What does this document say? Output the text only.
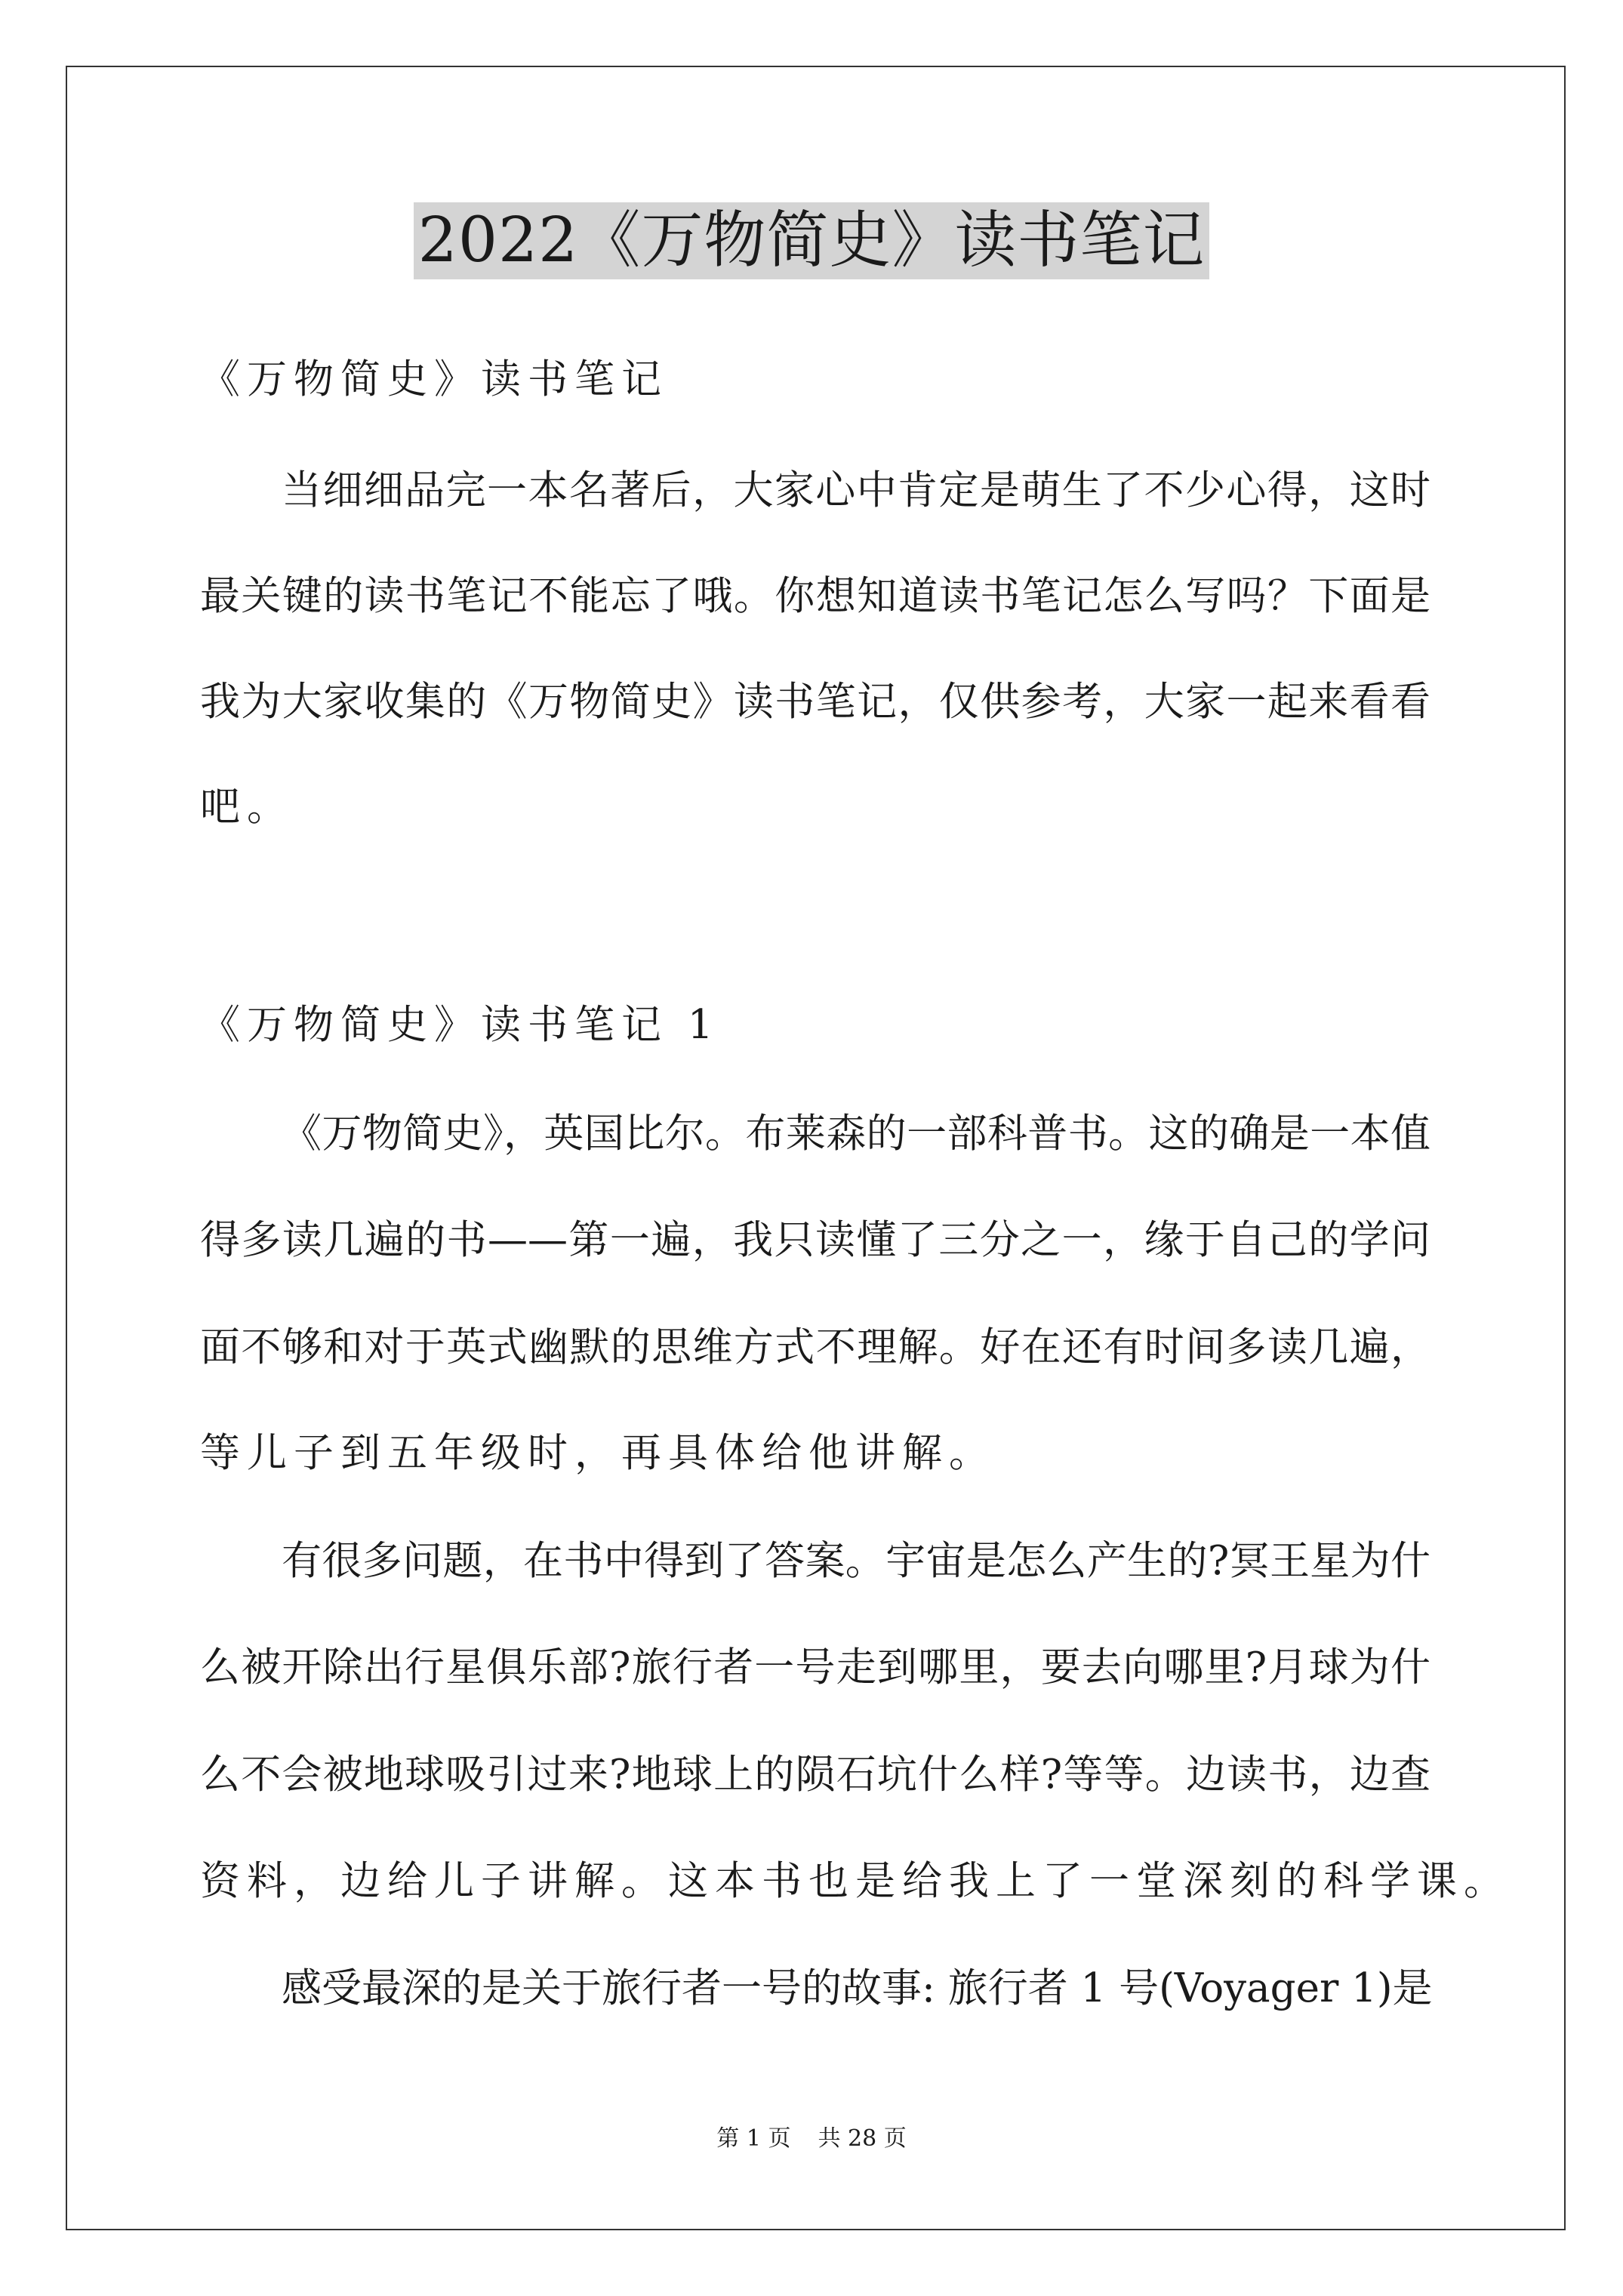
2022《万物简史》读书笔记
《万物简史》读书笔记
当细细品完一本名著后，大家心中肯定是萌生了不少心得，这时
最关键的读书笔记不能忘了哦。你想知道读书笔记怎么写吗？下面是
我为大家收集的《万物简史》读书笔记，仅供参考，大家一起来看看
吧。
《万物简史》读书笔记 1
《万物简史》，英国比尔。布莱森的一部科普书。这的确是一本值
得多读几遍的书——第一遍，我只读懂了三分之一，缘于自己的学问
面不够和对于英式幽默的思维方式不理解。好在还有时间多读几遍，
等儿子到五年级时，再具体给他讲解。
有很多问题，在书中得到了答案。宇宙是怎么产生的?冥王星为什
么被开除出行星俱乐部?旅行者一号走到哪里，要去向哪里?月球为什
么不会被地球吸引过来?地球上的陨石坑什么样?等等。边读书，边查
资料，边给儿子讲解。这本书也是给我上了一堂深刻的科学课。
感受最深的是关于旅行者一号的故事: 旅行者 1 号(Voyager 1)是
第 1 页 共 28 页
